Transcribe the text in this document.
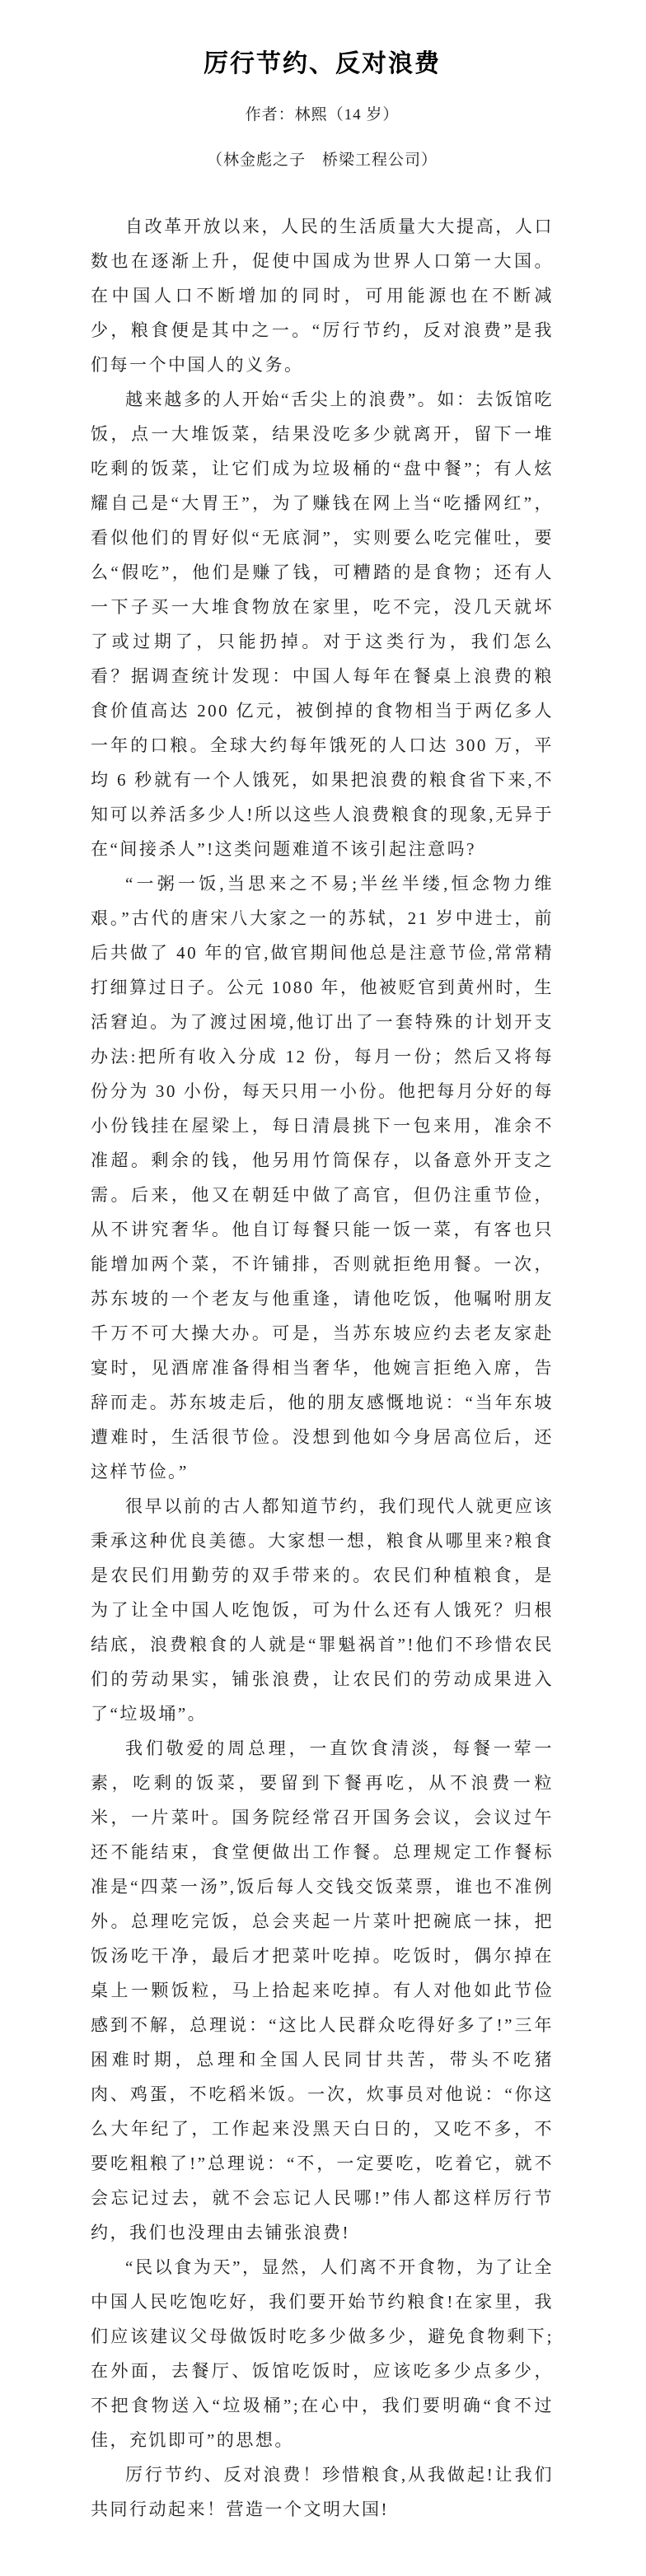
厉行节约、反对浪费
作者：林熙（14 岁）
（林金彪之子　桥梁工程公司）

自改革开放以来，人民的生活质量大大提高，人口数也在逐渐上升，促使中国成为世界人口第一大国。在中国人口不断增加的同时，可用能源也在不断减少，粮食便是其中之一。“厉行节约，反对浪费”是我们每一个中国人的义务。

越来越多的人开始“舌尖上的浪费”。如：去饭馆吃饭，点一大堆饭菜，结果没吃多少就离开，留下一堆吃剩的饭菜，让它们成为垃圾桶的“盘中餐”；有人炫耀自己是“大胃王”，为了赚钱在网上当“吃播网红”，看似他们的胃好似“无底洞”，实则要么吃完催吐，要么“假吃”，他们是赚了钱，可糟踏的是食物；还有人一下子买一大堆食物放在家里，吃不完，没几天就坏了或过期了，只能扔掉。对于这类行为，我们怎么看？据调查统计发现：中国人每年在餐桌上浪费的粮食价值高达 200 亿元，被倒掉的食物相当于两亿多人一年的口粮。全球大约每年饿死的人口达 300 万，平均 6 秒就有一个人饿死，如果把浪费的粮食省下来,不知可以养活多少人!所以这些人浪费粮食的现象,无异于在“间接杀人”!这类问题难道不该引起注意吗?

“一粥一饭,当思来之不易;半丝半缕,恒念物力维艰。”古代的唐宋八大家之一的苏轼，21 岁中进士，前后共做了 40 年的官,做官期间他总是注意节俭,常常精打细算过日子。公元 1080 年，他被贬官到黄州时，生活窘迫。为了渡过困境,他订出了一套特殊的计划开支办法:把所有收入分成 12 份，每月一份；然后又将每份分为 30 小份，每天只用一小份。他把每月分好的每小份钱挂在屋梁上，每日清晨挑下一包来用，准余不准超。剩余的钱，他另用竹筒保存，以备意外开支之需。后来，他又在朝廷中做了高官，但仍注重节俭，从不讲究奢华。他自订每餐只能一饭一菜，有客也只能增加两个菜，不许铺排，否则就拒绝用餐。一次，苏东坡的一个老友与他重逢，请他吃饭，他嘱咐朋友千万不可大操大办。可是，当苏东坡应约去老友家赴宴时，见酒席准备得相当奢华，他婉言拒绝入席，告辞而走。苏东坡走后，他的朋友感慨地说：“当年东坡遭难时，生活很节俭。没想到他如今身居高位后，还这样节俭。”

很早以前的古人都知道节约，我们现代人就更应该秉承这种优良美德。大家想一想，粮食从哪里来?粮食是农民们用勤劳的双手带来的。农民们种植粮食，是为了让全中国人吃饱饭，可为什么还有人饿死？归根结底，浪费粮食的人就是“罪魁祸首”!他们不珍惜农民们的劳动果实，铺张浪费，让农民们的劳动成果进入了“垃圾埇”。

我们敬爱的周总理，一直饮食清淡，每餐一荤一素，吃剩的饭菜，要留到下餐再吃，从不浪费一粒米，一片菜叶。国务院经常召开国务会议，会议过午还不能结束，食堂便做出工作餐。总理规定工作餐标准是“四菜一汤”,饭后每人交钱交饭菜票，谁也不准例外。总理吃完饭，总会夹起一片菜叶把碗底一抹，把饭汤吃干净，最后才把菜叶吃掉。吃饭时，偶尔掉在桌上一颗饭粒，马上拾起来吃掉。有人对他如此节俭感到不解，总理说：“这比人民群众吃得好多了!”三年困难时期，总理和全国人民同甘共苦，带头不吃猪肉、鸡蛋，不吃稻米饭。一次，炊事员对他说：“你这么大年纪了，工作起来没黑天白日的，又吃不多，不要吃粗粮了!”总理说：“不，一定要吃，吃着它，就不会忘记过去，就不会忘记人民哪!”伟人都这样厉行节约，我们也没理由去铺张浪费!

“民以食为天”，显然，人们离不开食物，为了让全中国人民吃饱吃好，我们要开始节约粮食!在家里，我们应该建议父母做饭时吃多少做多少，避免食物剩下;在外面，去餐厅、饭馆吃饭时，应该吃多少点多少，不把食物送入“垃圾桶”;在心中，我们要明确“食不过佳，充饥即可”的思想。

厉行节约、反对浪费！珍惜粮食,从我做起!让我们共同行动起来！营造一个文明大国!
